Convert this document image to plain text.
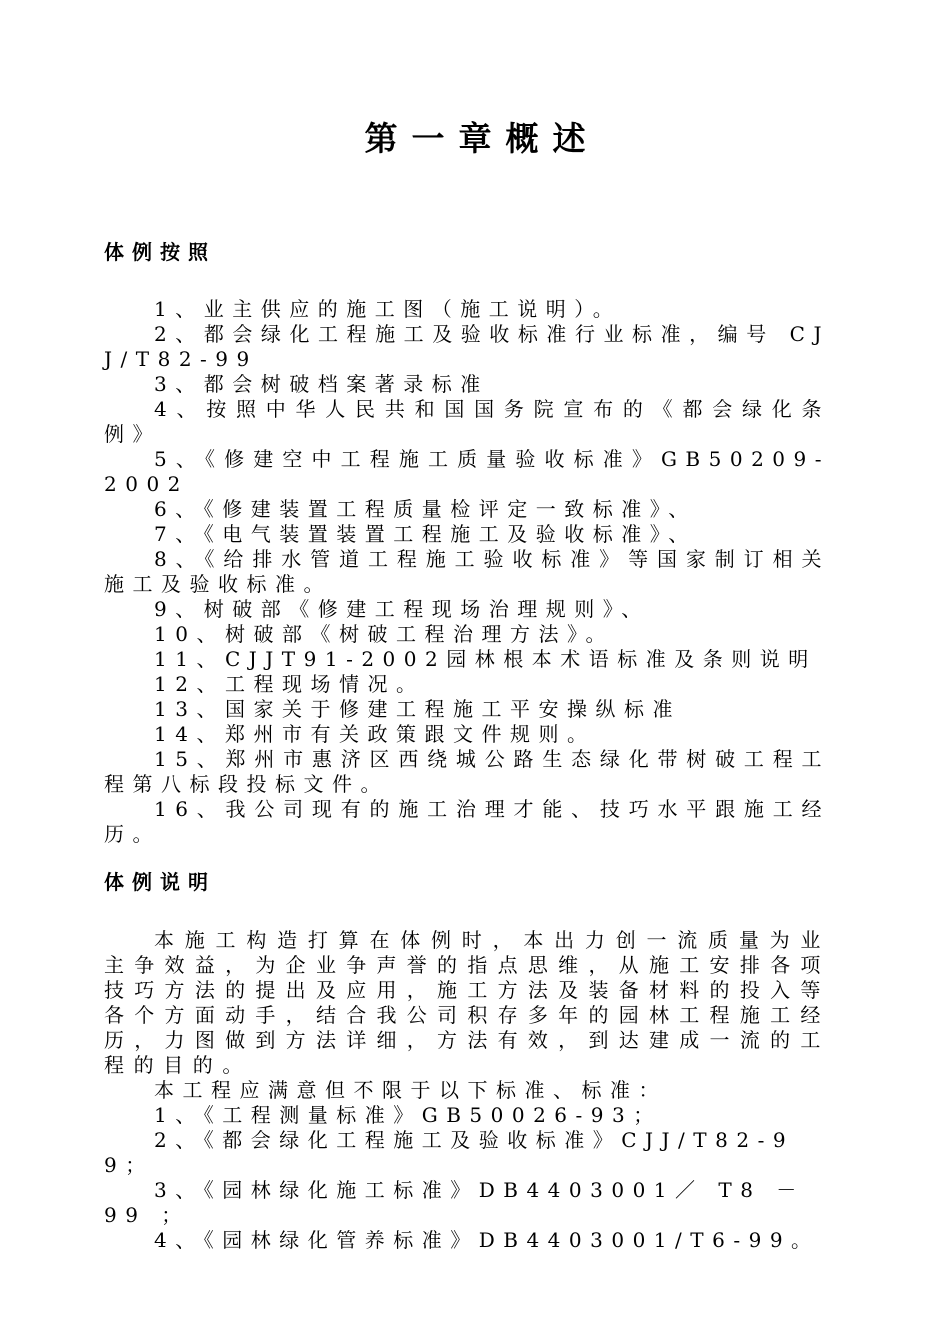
第一章概述
体例按照
1、业主供应的施工图（施工说明）。
2、都会绿化工程施工及验收标准行业标准，编号 CJJ/T82-99
3、都会树破档案著录标准
4、按照中华人民共和国国务院宣布的《都会绿化条例》
5、《修建空中工程施工质量验收标准》GB50209-2002
6、《修建装置工程质量检评定一致标准》、
7、《电气装置装置工程施工及验收标准》、
8、《给排水管道工程施工验收标准》等国家制订相关施工及验收标准。
9、树破部《修建工程现场治理规则》、
10、树破部《树破工程治理方法》。
11、CJJT91-2002园林根本术语标准及条则说明
12、工程现场情况。
13、国家关于修建工程施工平安操纵标准
14、郑州市有关政策跟文件规则。
15、郑州市惠济区西绕城公路生态绿化带树破工程工程第八标段投标文件。
16、我公司现有的施工治理才能、技巧水平跟施工经历。
体例说明

本施工构造打算在体例时，本出力创一流质量为业主争效益，为企业争声誉的指点思维，从施工安排各项技巧方法的提出及应用，施工方法及装备材料的投入等各个方面动手，结合我公司积存多年的园林工程施工经历，力图做到方法详细，方法有效，到达建成一流的工程的目的。

本工程应满意但不限于以下标准、标准：
1、《工程测量标准》GB50026-93；
2、《都会绿化工程施工及验收标准》CJJ/T82-99；
3、《园林绿化施工标准》DB4403001／ T8 － 99 ；
4、《园林绿化管养标准》DB4403001/T6-99。
